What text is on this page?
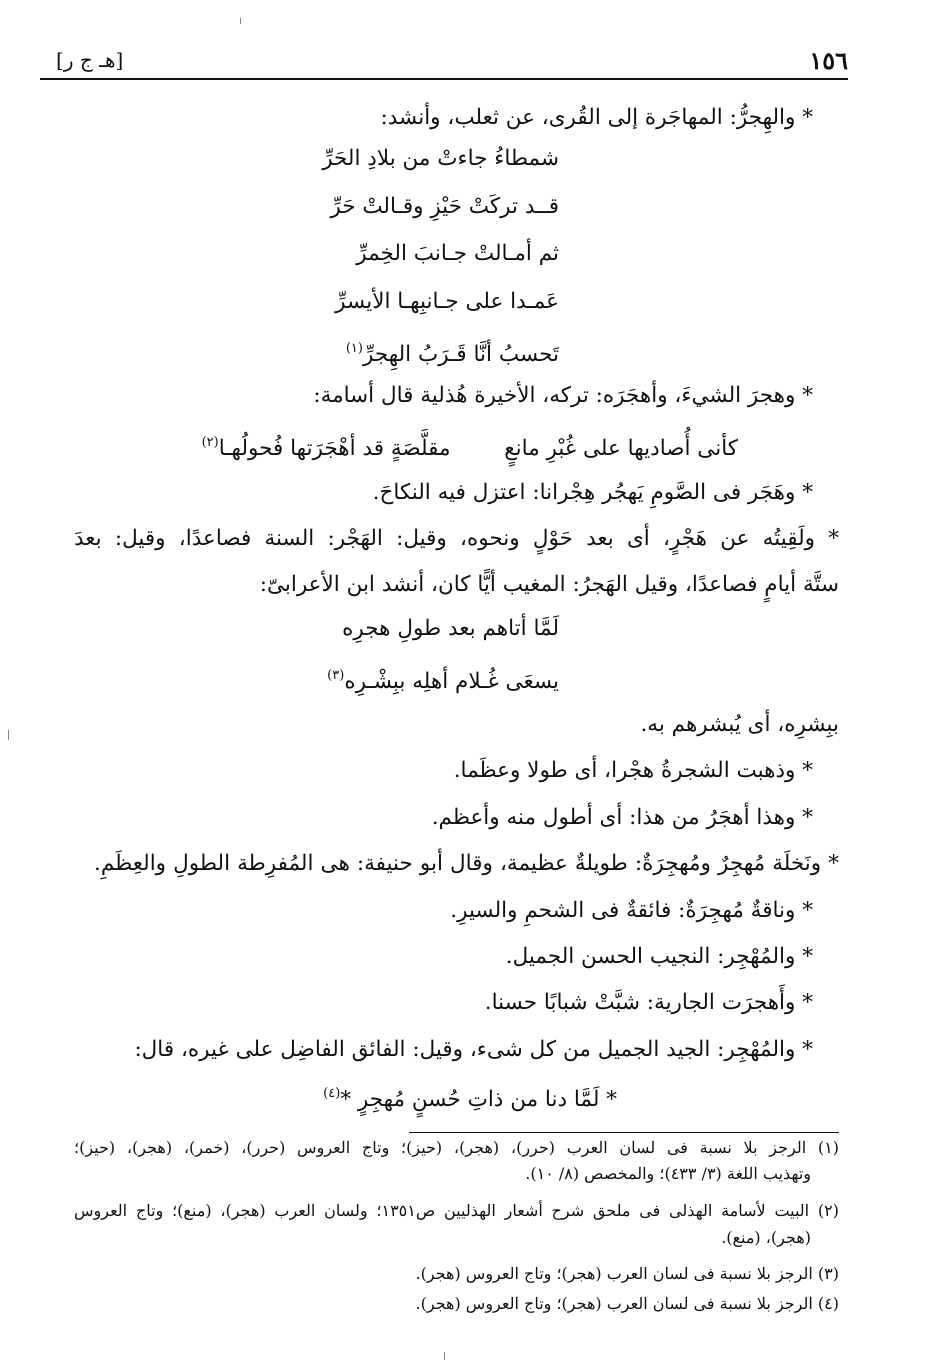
١٥٦
[هـ ج ر]
* والهِجرُّ: المهاجَرة إلى القُرى، عن ثعلب، وأنشد:
شمطاءُ جاءتْ من بلادِ الحَرِّ
قــد تركَتْ حَيْزِ وقـالتْ حَرِّ
ثم أمـالتْ جـانبَ الخِمرِّ
عَمـدا على جـانبِهـا الأيسرِّ
تَحسبُ أنَّا قَـرَبُ الهِجرِّ$^{(١)}$
* وهجرَ الشيءَ، وأهجَرَه: تركه، الأخيرة هُذلية قال أسامة:
كأنى أُصاديها على غُبْرِ مانعٍ  مقلَّصَةٍ قد أهْجَرَتها فُحولُهـا$^{(٢)}$
* وهَجَر فى الصَّومِ يَهجُر هِجْرانا: اعتزل فيه النكاحَ.
* ولَقِيتُه عن هَجْرٍ، أى بعد حَوْلٍ ونحوه، وقيل: الهَجْر: السنة فصاعدًا، وقيل: بعدَ
ستَّة أيامٍ فصاعدًا، وقيل الهَجرُ: المغيب أيًّا كان، أنشد ابن الأعرابىّ:
لَمَّا أتاهم بعد طولِ هجرِه
يسعَى غُـلام أهلِه ببِشْـرِه$^{(٣)}$
ببِشرِه، أى يُبشرهم به.
* وذهبت الشجرةُ هجْرا، أى طولا وعظَما.
* وهذا أهجَرُ من هذا: أى أطول منه وأعظم.
* ونَخلَة مُهجِرٌ ومُهجِرَةٌ: طويلةٌ عظيمة، وقال أبو حنيفة: هى المُفرِطة الطولِ والعِظَمِ.
* وناقةٌ مُهجِرَةٌ: فائقةٌ فى الشحمِ والسيرِ.
* والمُهْجِر: النجيب الحسن الجميل.
* وأَهجرَت الجارية: شبَّتْ شبابًا حسنا.
* والمُهْجِر: الجيد الجميل من كل شىء، وقيل: الفائق الفاضِل على غيره، قال:
* لَمَّا دنا من ذاتِ حُسنٍ مُهجِرٍ *$^{(٤)}$
(١) الرجز بلا نسبة فى لسان العرب (حرر)، (هجر)، (حيز)؛ وتاج العروس (حرر)، (خمر)، (هجر)، (حيز)؛
وتهذيب اللغة (٣/ ٤٣٣)؛ والمخصص (٨/ ١٠).
(٢) البيت لأسامة الهذلى فى ملحق شرح أشعار الهذليين ص١٣٥١؛ ولسان العرب (هجر)، (منع)؛ وتاج العروس
(هجر)، (منع).
(٣) الرجز بلا نسبة فى لسان العرب (هجر)؛ وتاج العروس (هجر).
(٤) الرجز بلا نسبة فى لسان العرب (هجر)؛ وتاج العروس (هجر).
